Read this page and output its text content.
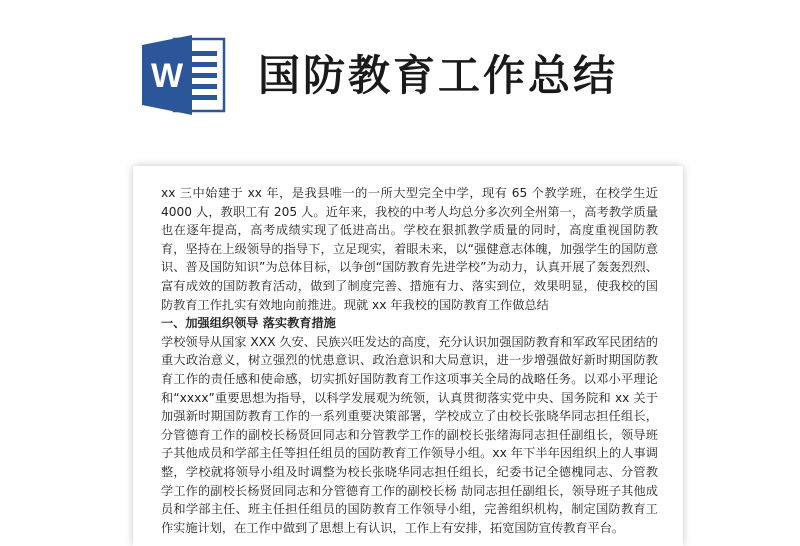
W 国防教育工作总结

xx 三中始建于 xx 年，是我县唯一的一所大型完全中学，现有 65 个教学班，在校学生近 4000 人，教职工有 205 人。近年来，我校的中考人均总分多次列全州第一，高考教学质量也在逐年提高，高考成绩实现了低进高出。学校在狠抓教学质量的同时，高度重视国防教育，坚持在上级领导的指导下，立足现实，着眼未来，以“强健意志体魄，加强学生的国防意识、普及国防知识”为总体目标，以争创“国防教育先进学校”为动力，认真开展了轰轰烈烈、富有成效的国防教育活动，做到了制度完善、措施有力、落实到位，效果明显，使我校的国防教育工作扎实有效地向前推进。现就 xx 年我校的国防教育工作做总结

一、加强组织领导 落实教育措施

学校领导从国家 XXX 久安、民族兴旺发达的高度，充分认识加强国防教育和军政军民团结的重大政治意义，树立强烈的忧患意识、政治意识和大局意识，进一步增强做好新时期国防教育工作的责任感和使命感，切实抓好国防教育工作这项事关全局的战略任务。以邓小平理论和“xxxx”重要思想为指导，以科学发展观为统领，认真贯彻落实党中央、国务院和 xx 关于加强新时期国防教育工作的一系列重要决策部署，学校成立了由校长张晓华同志担任组长，分管德育工作的副校长杨贤回同志和分管教学工作的副校长张绪海同志担任副组长，领导班子其他成员和学部主任等担任组员的国防教育工作领导小组。xx 年下半年因组织上的人事调整，学校就将领导小组及时调整为校长张晓华同志担任组长，纪委书记全德槐同志、分管教学工作的副校长杨贤回同志和分管德育工作的副校长杨 劼同志担任副组长，领导班子其他成员和学部主任、班主任担任组员的国防教育工作领导小组，完善组织机构，制定国防教育工作实施计划，在工作中做到了思想上有认识，工作上有安排，拓宽国防宣传教育平台。
